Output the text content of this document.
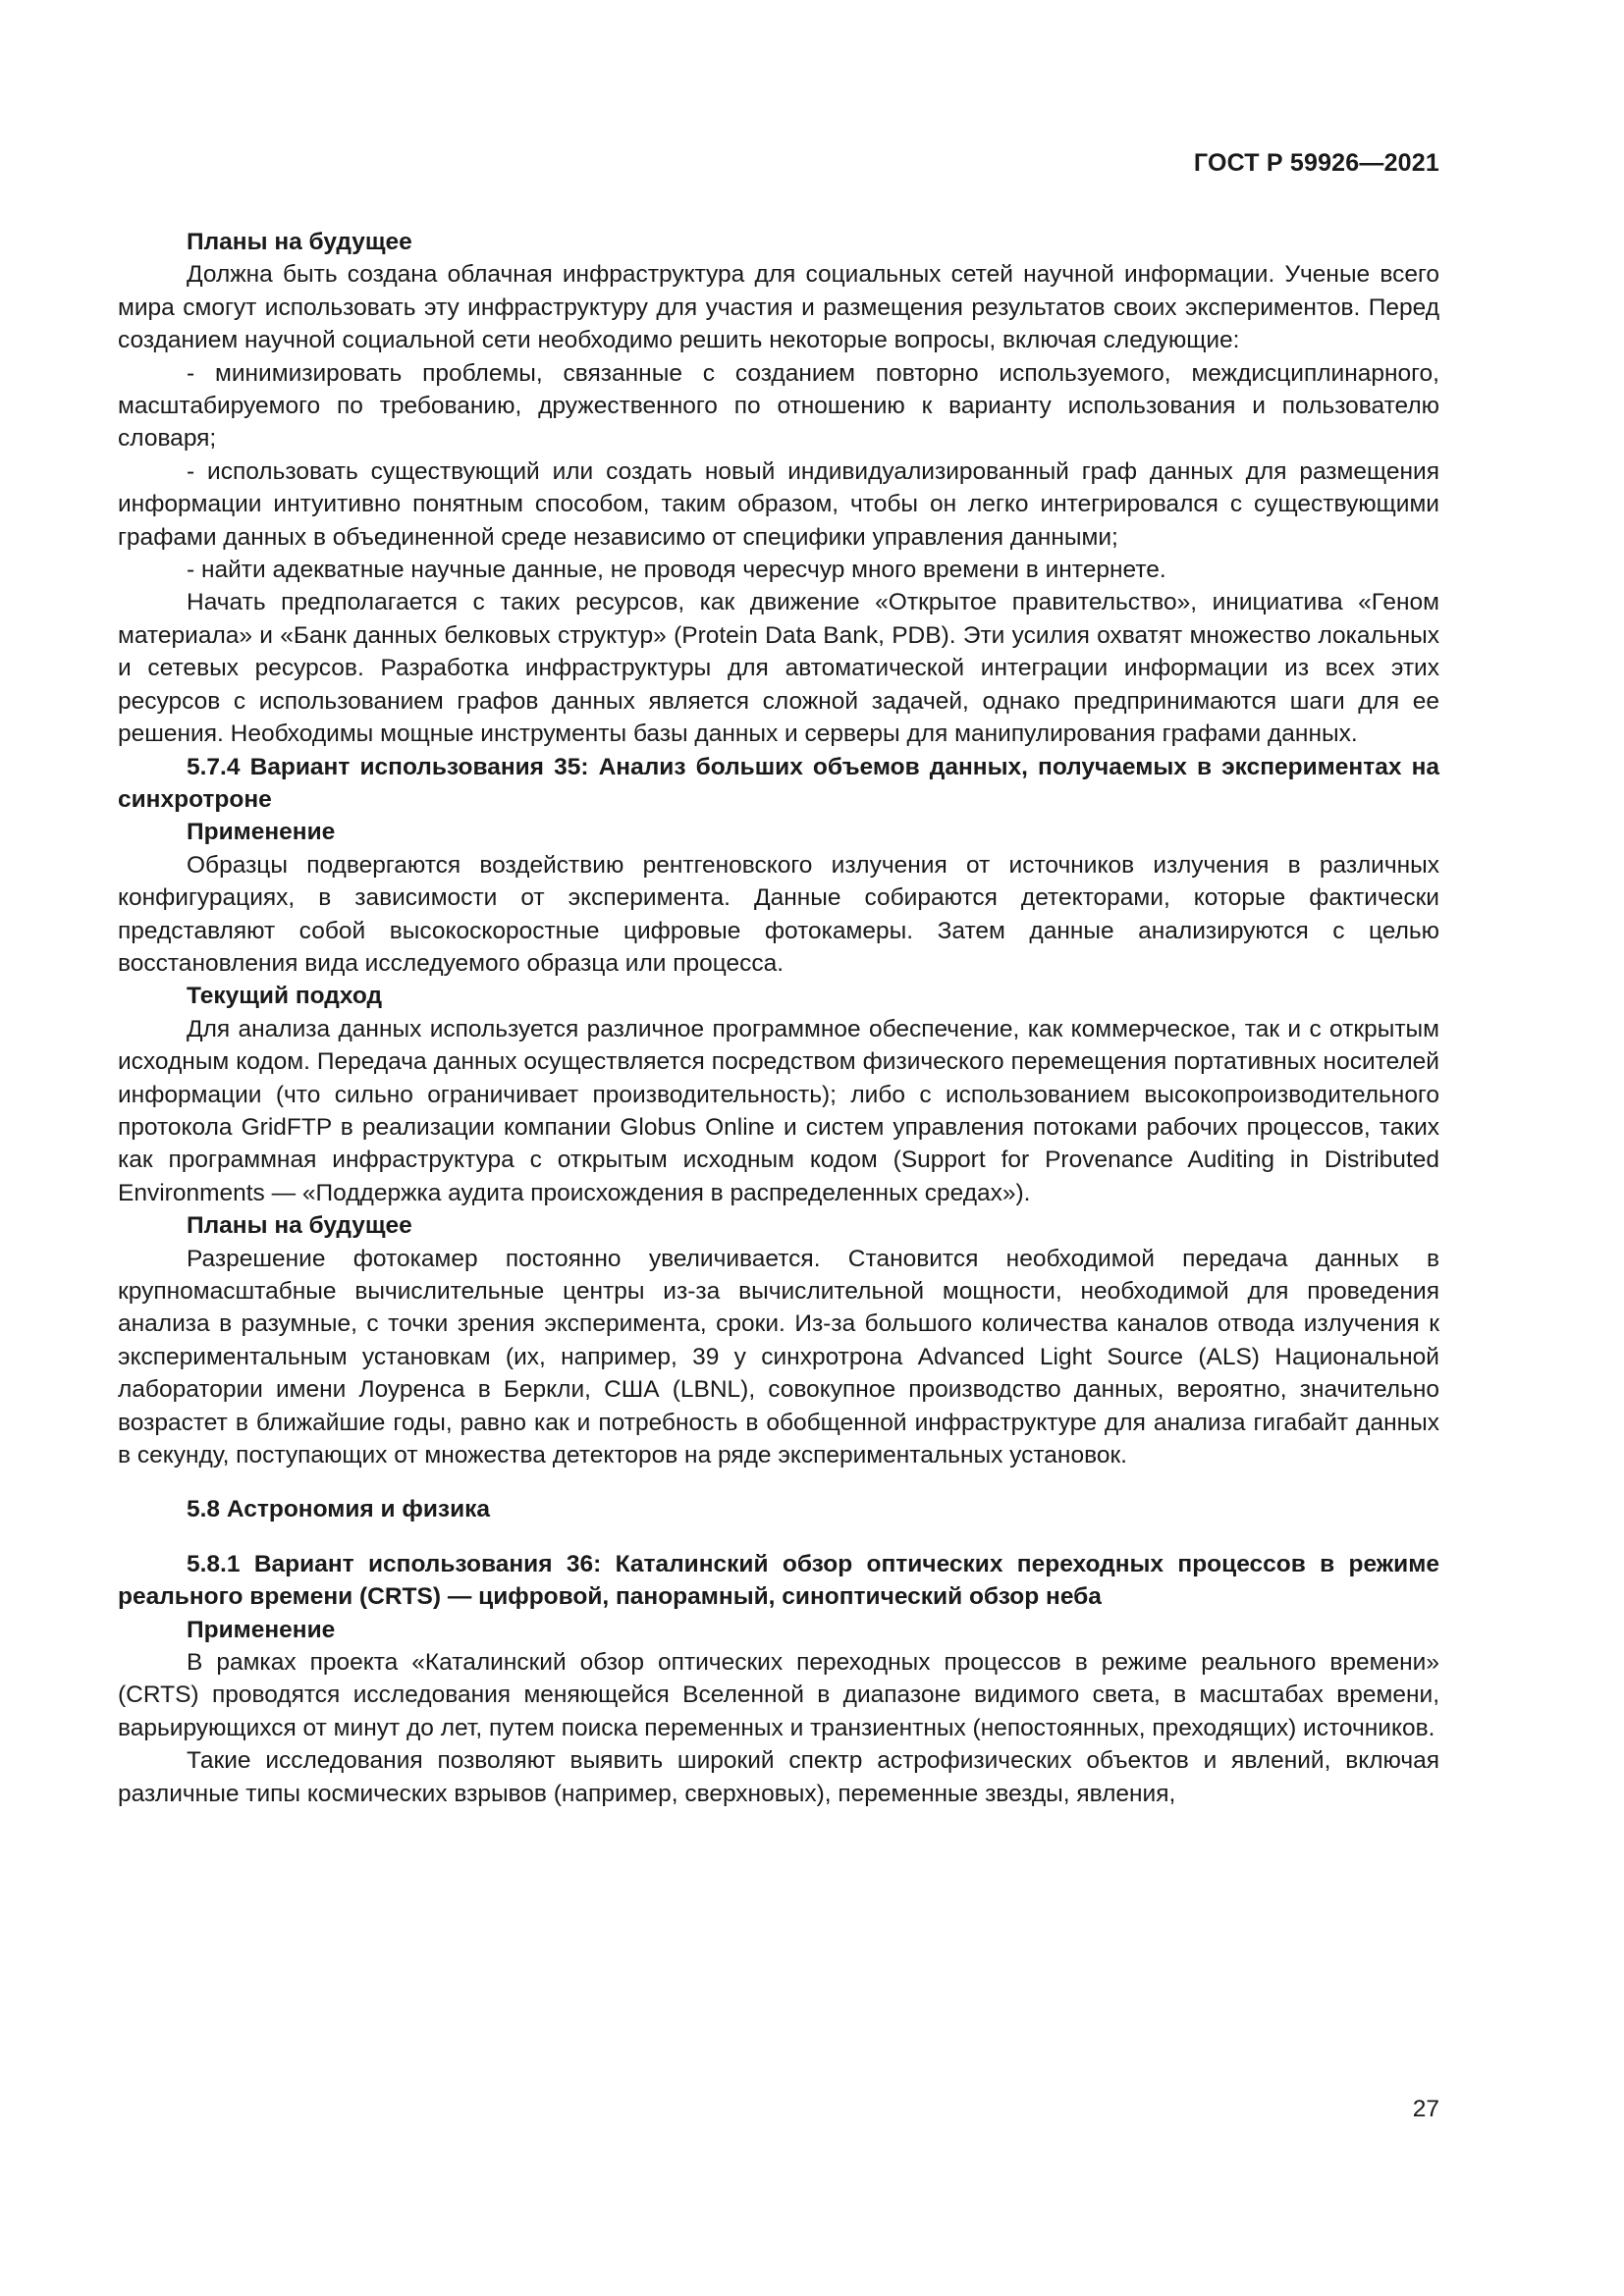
ГОСТ Р 59926—2021
Планы на будущее

Должна быть создана облачная инфраструктура для социальных сетей научной информации. Ученые всего мира смогут использовать эту инфраструктуру для участия и размещения результатов своих экспериментов. Перед созданием научной социальной сети необходимо решить некоторые вопросы, включая следующие:

- минимизировать проблемы, связанные с созданием повторно используемого, междисциплинарного, масштабируемого по требованию, дружественного по отношению к варианту использования и пользователю словаря;

- использовать существующий или создать новый индивидуализированный граф данных для размещения информации интуитивно понятным способом, таким образом, чтобы он легко интегрировался с существующими графами данных в объединенной среде независимо от специфики управления данными;

- найти адекватные научные данные, не проводя чересчур много времени в интернете.

Начать предполагается с таких ресурсов, как движение «Открытое правительство», инициатива «Геном материала» и «Банк данных белковых структур» (Protein Data Bank, PDB). Эти усилия охватят множество локальных и сетевых ресурсов. Разработка инфраструктуры для автоматической интеграции информации из всех этих ресурсов с использованием графов данных является сложной задачей, однако предпринимаются шаги для ее решения. Необходимы мощные инструменты базы данных и серверы для манипулирования графами данных.

5.7.4 Вариант использования 35: Анализ больших объемов данных, получаемых в экспериментах на синхротроне
Применение

Образцы подвергаются воздействию рентгеновского излучения от источников излучения в различных конфигурациях, в зависимости от эксперимента. Данные собираются детекторами, которые фактически представляют собой высокоскоростные цифровые фотокамеры. Затем данные анализируются с целью восстановления вида исследуемого образца или процесса.

Текущий подход

Для анализа данных используется различное программное обеспечение, как коммерческое, так и с открытым исходным кодом. Передача данных осуществляется посредством физического перемещения портативных носителей информации (что сильно ограничивает производительность); либо с использованием высокопроизводительного протокола GridFTP в реализации компании Globus Online и систем управления потоками рабочих процессов, таких как программная инфраструктура с открытым исходным кодом (Support for Provenance Auditing in Distributed Environments — «Поддержка аудита происхождения в распределенных средах»).

Планы на будущее

Разрешение фотокамер постоянно увеличивается. Становится необходимой передача данных в крупномасштабные вычислительные центры из-за вычислительной мощности, необходимой для проведения анализа в разумные, с точки зрения эксперимента, сроки. Из-за большого количества каналов отвода излучения к экспериментальным установкам (их, например, 39 у синхротрона Advanced Light Source (ALS) Национальной лаборатории имени Лоуренса в Беркли, США (LBNL), совокупное производство данных, вероятно, значительно возрастет в ближайшие годы, равно как и потребность в обобщенной инфраструктуре для анализа гигабайт данных в секунду, поступающих от множества детекторов на ряде экспериментальных установок.

5.8 Астрономия и физика
5.8.1 Вариант использования 36: Каталинский обзор оптических переходных процессов в режиме реального времени (CRTS) — цифровой, панорамный, синоптический обзор неба
Применение

В рамках проекта «Каталинский обзор оптических переходных процессов в режиме реального времени» (CRTS) проводятся исследования меняющейся Вселенной в диапазоне видимого света, в масштабах времени, варьирующихся от минут до лет, путем поиска переменных и транзиентных (непостоянных, преходящих) источников.

Такие исследования позволяют выявить широкий спектр астрофизических объектов и явлений, включая различные типы космических взрывов (например, сверхновых), переменные звезды, явления,

27
